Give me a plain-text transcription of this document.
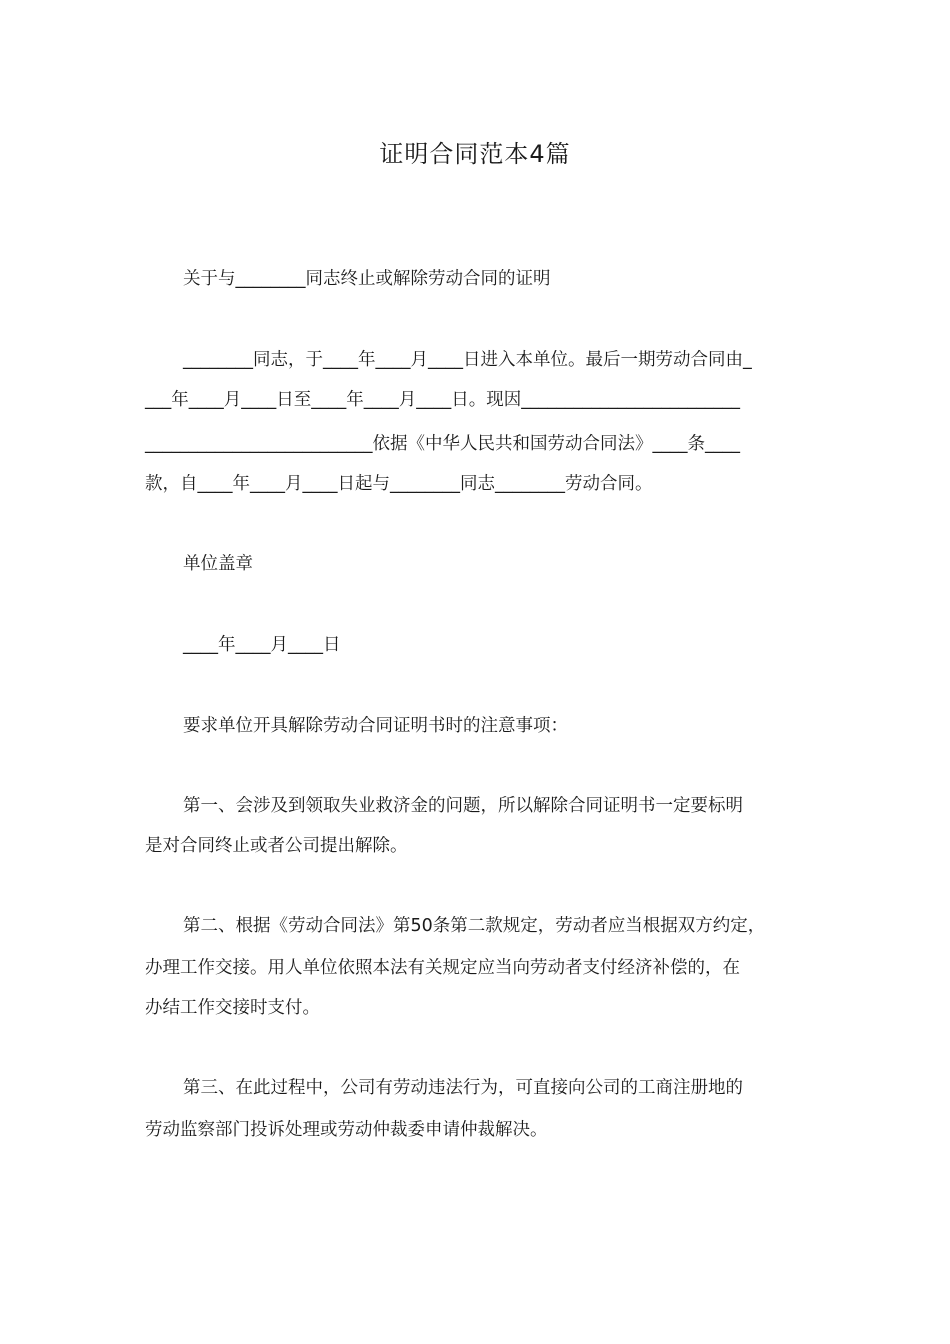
证明合同范本4篇
关于与________同志终止或解除劳动合同的证明
________同志，于____年____月____日进入本单位。最后一期劳动合同由_
___年____月____日至____年____月____日。现因_________________________
__________________________依据《中华人民共和国劳动合同法》____条____
款，自____年____月____日起与________同志________劳动合同。
单位盖章
____年____月____日
要求单位开具解除劳动合同证明书时的注意事项：
第一、会涉及到领取失业救济金的问题，所以解除合同证明书一定要标明
是对合同终止或者公司提出解除。
第二、根据《劳动合同法》第50条第二款规定，劳动者应当根据双方约定，
办理工作交接。用人单位依照本法有关规定应当向劳动者支付经济补偿的，在
办结工作交接时支付。
第三、在此过程中，公司有劳动违法行为，可直接向公司的工商注册地的
劳动监察部门投诉处理或劳动仲裁委申请仲裁解决。
